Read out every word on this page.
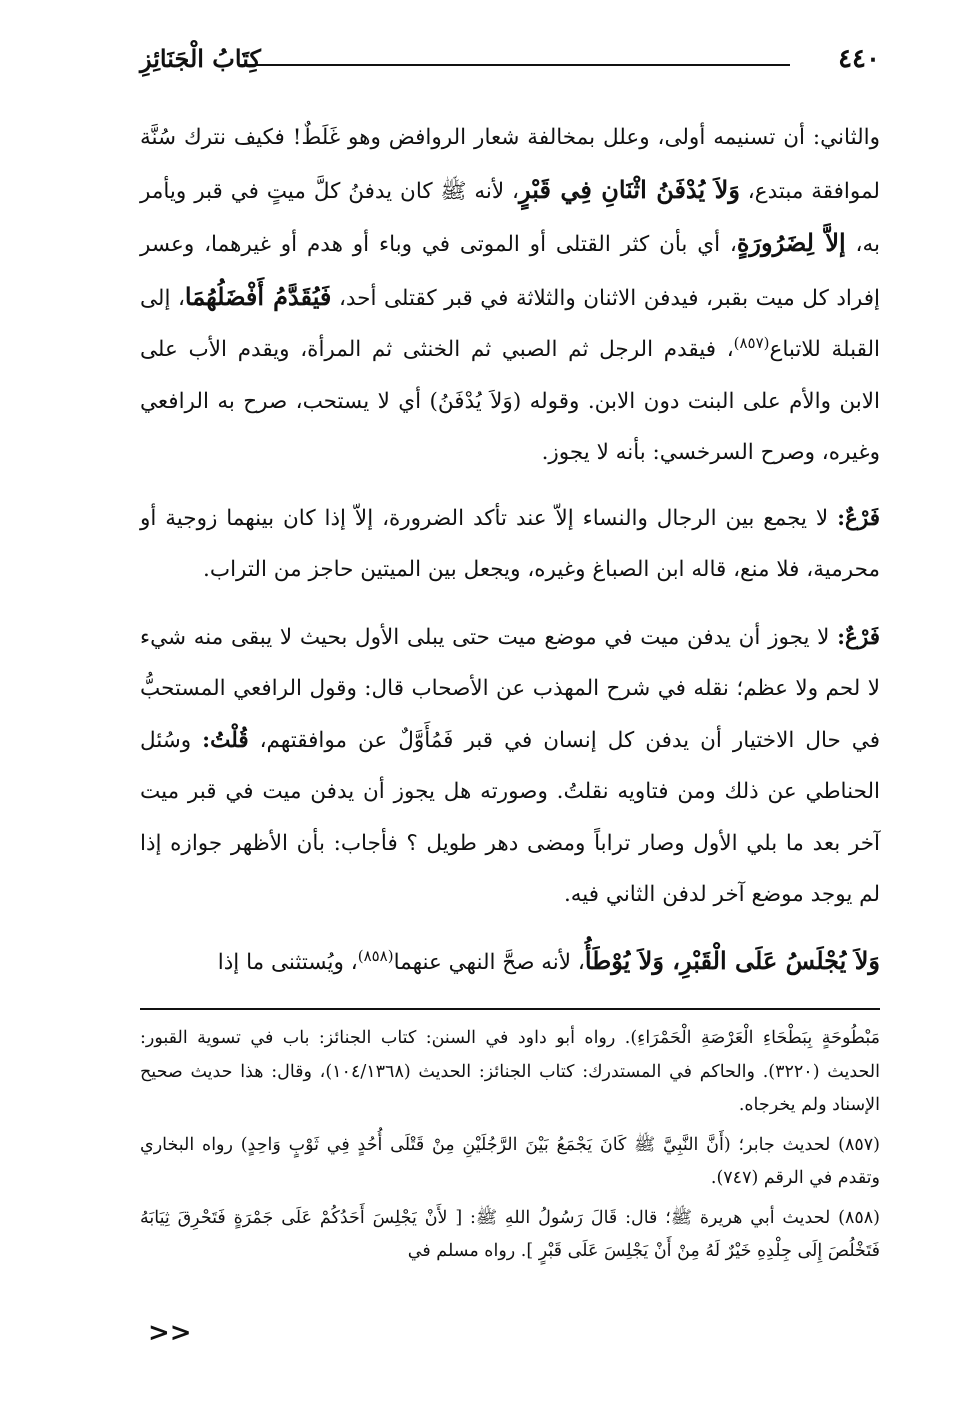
٤٤٠
كِتَابُ الْجَنَائِزِ

والثاني: أن تسنيمه أولى، وعلل بمخالفة شعار الروافض وهو غَلَطٌ! فكيف نترك سُنَّة لموافقة مبتدع، وَلاَ يُدْفَنُ اثْنَانِ فِي قَبْرٍ، لأنه ﷺ كان يدفنُ كلَّ ميتٍ في قبر ويأمر به، إلاَّ لِضَرُورَةٍ، أي بأن كثر القتلى أو الموتى في وباء أو هدم أو غيرهما، وعسر إفراد كل ميت بقبر، فيدفن الاثنان والثلاثة في قبر كقتلى أحد، فَيُقَدَّمُ أَفْضَلُهُمَا، إلى القبلة للاتباع$^{(٨٥٧)}$، فيقدم الرجل ثم الصبي ثم الخنثى ثم المرأة، ويقدم الأب على الابن والأم على البنت دون الابن. وقوله (وَلاَ يُدْفَنُ) أي لا يستحب، صرح به الرافعي وغيره، وصرح السرخسي: بأنه لا يجوز.

فَرْعٌ: لا يجمع بين الرجال والنساء إلاّ عند تأكد الضرورة، إلاّ إذا كان بينهما زوجية أو محرمية، فلا منع، قاله ابن الصباغ وغيره، ويجعل بين الميتين حاجز من التراب.

فَرْعٌ: لا يجوز أن يدفن ميت في موضع ميت حتى يبلى الأول بحيث لا يبقى منه شيء لا لحم ولا عظم؛ نقله في شرح المهذب عن الأصحاب قال: وقول الرافعي المستحبُّ في حال الاختيار أن يدفن كل إنسان في قبر فَمُأَوَّلٌ عن موافقتهم، قُلْتُ: وسُئل الحناطي عن ذلك ومن فتاويه نقلتُ. وصورته هل يجوز أن يدفن ميت في قبر ميت آخر بعد ما بلي الأول وصار تراباً ومضى دهر طويل ؟ فأجاب: بأن الأظهر جوازه إذا لم يوجد موضع آخر لدفن الثاني فيه.

وَلاَ يُجْلَسُ عَلَى الْقَبْرِ، وَلاَ يُوْطَأُ، لأنه صحَّ النهي عنهما$^{(٨٥٨)}$، ويُستثنى ما إذا

مَبْطُوحَةٍ بِبَطْحَاءِ الْعَرْصَةِ الْحَمْرَاءِ). رواه أبو داود في السنن: كتاب الجنائز: باب في تسوية القبور: الحديث (٣٢٢٠). والحاكم في المستدرك: كتاب الجنائز: الحديث (١٠٤/١٣٦٨)، وقال: هذا حديث صحيح الإسناد ولم يخرجاه.

(٨٥٧) لحديث جابر؛ (أَنَّ النَّبِيَّ ﷺ كَانَ يَجْمَعُ بَيْنَ الرَّجُلَيْنِ مِنْ قَتْلَى أُحُدٍ فِي ثَوْبٍ وَاحِدٍ) رواه البخاري وتقدم في الرقم (٧٤٧).

(٨٥٨) لحديث أبي هريرة ﷺ؛ قال: قَالَ رَسُولُ اللهِ ﷺ: [ لأَنْ يَجْلِسَ أَحَدُكُمْ عَلَى جَمْرَةٍ فَتَحْرِقَ ثِيَابَهُ فَتَخْلُصَ إِلَى جِلْدِهِ خَيْرٌ لَهُ مِنْ أَنْ يَجْلِسَ عَلَى قَبْرٍ ]. رواه مسلم في

>>
